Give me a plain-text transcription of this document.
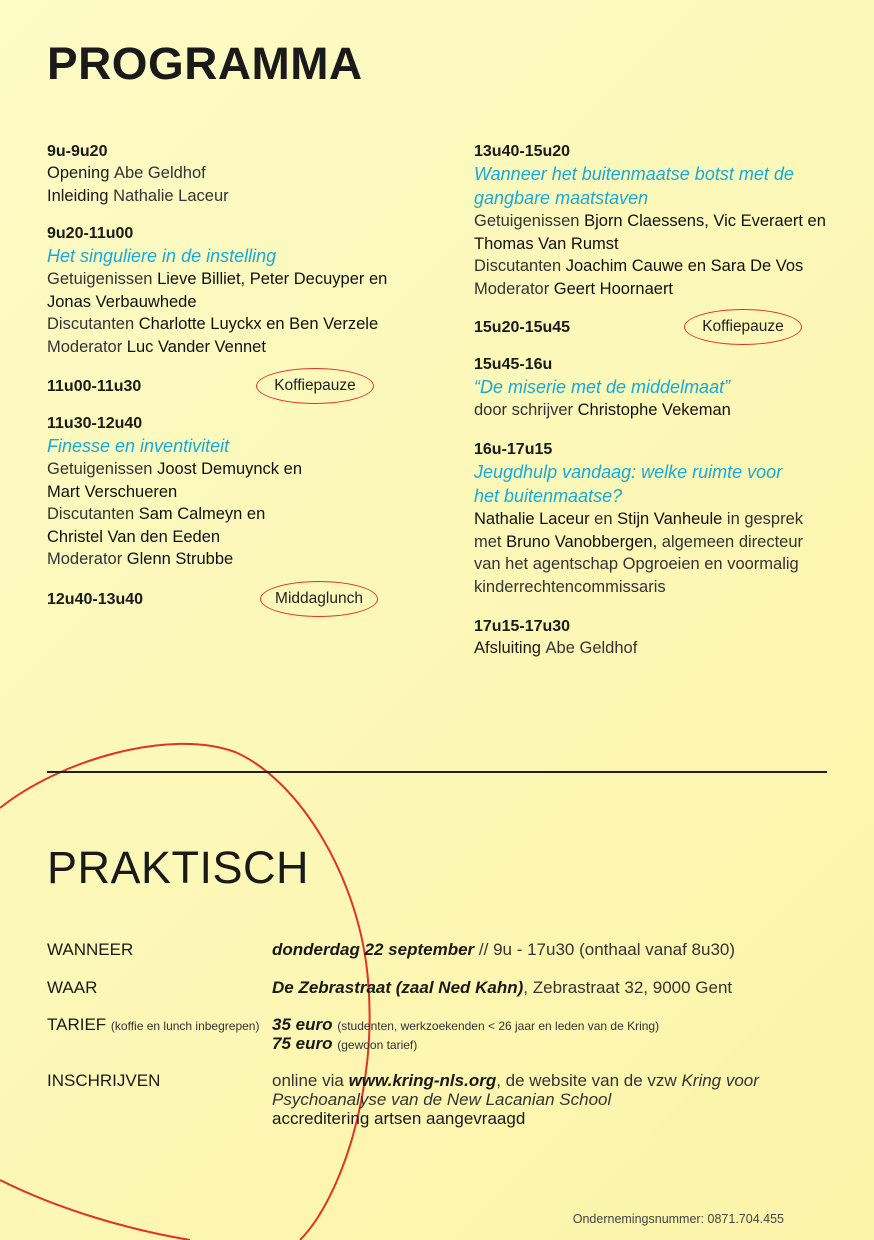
PROGRAMMA
9u-9u20
Opening Abe Geldhof
Inleiding Nathalie Laceur
9u20-11u00
Het singuliere in de instelling
Getuigenissen Lieve Billiet, Peter Decuyper en
Jonas Verbauwhede
Discutanten Charlotte Luyckx en Ben Verzele
Moderator Luc Vander Vennet
11u00-11u30	Koffiepauze
11u30-12u40
Finesse en inventiviteit
Getuigenissen Joost Demuynck en
Mart Verschueren
Discutanten Sam Calmeyn en
Christel Van den Eeden
Moderator Glenn Strubbe
12u40-13u40	Middaglunch
13u40-15u20
Wanneer het buitenmaatse botst met de
gangbare maatstaven
Getuigenissen Bjorn Claessens, Vic Everaert en
Thomas Van Rumst
Discutanten Joachim Cauwe en Sara De Vos
Moderator Geert Hoornaert
15u20-15u45	Koffiepauze
15u45-16u
“De miserie met de middelmaat”
door schrijver Christophe Vekeman
16u-17u15
Jeugdhulp vandaag: welke ruimte voor
het buitenmaatse?
Nathalie Laceur en Stijn Vanheule in gesprek
met Bruno Vanobbergen, algemeen directeur
van het agentschap Opgroeien en voormalig
kinderrechtencommissaris
17u15-17u30
Afsluiting Abe Geldhof
PRAKTISCH
WANNEER	donderdag 22 september // 9u - 17u30 (onthaal vanaf 8u30)
WAAR	De Zebrastraat (zaal Ned Kahn), Zebrastraat 32, 9000 Gent
TARIEF (koffie en lunch inbegrepen) 35 euro (studenten, werkzoekenden < 26 jaar en leden van de Kring)
75 euro (gewoon tarief)
INSCHRIJVEN	online via www.kring-nls.org, de website van de vzw Kring voor
Psychoanalyse van de New Lacanian School
accreditering artsen aangevraagd
Ondernemingsnummer: 0871.704.455
